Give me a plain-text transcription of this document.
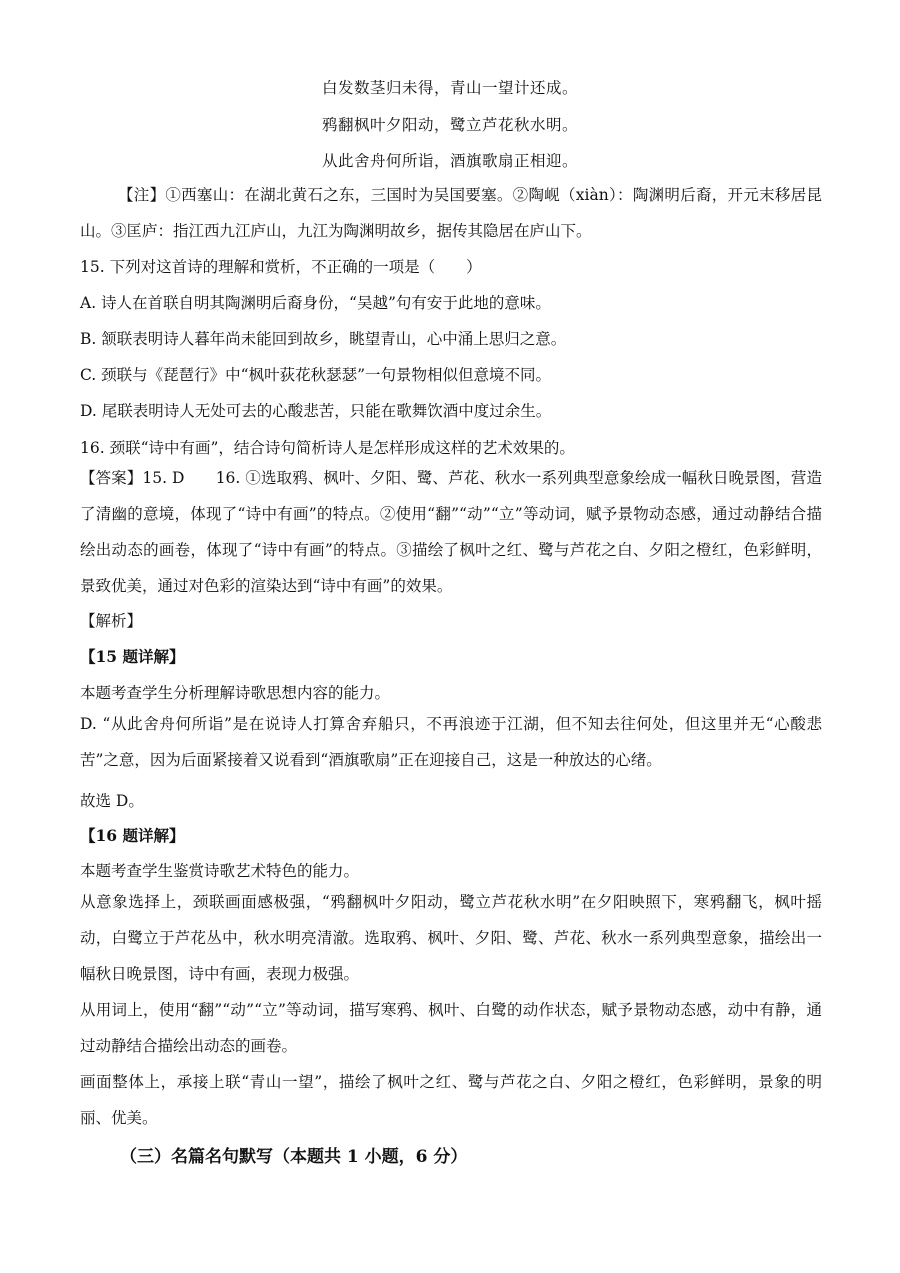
白发数茎归未得，青山一望计还成。
鸦翻枫叶夕阳动，鹭立芦花秋水明。
从此舍舟何所诣，酒旗歌扇正相迎。
【注】①西塞山：在湖北黄石之东，三国时为吴国要塞。②陶岘（xiàn）：陶渊明后裔，开元末移居昆山。③匡庐：指江西九江庐山，九江为陶渊明故乡，据传其隐居在庐山下。
15. 下列对这首诗的理解和赏析，不正确的一项是（　　）
A. 诗人在首联自明其陶渊明后裔身份，“吴越”句有安于此地的意味。
B. 颔联表明诗人暮年尚未能回到故乡，眺望青山，心中涌上思归之意。
C. 颈联与《琵琶行》中“枫叶荻花秋瑟瑟”一句景物相似但意境不同。
D. 尾联表明诗人无处可去的心酸悲苦，只能在歌舞饮酒中度过余生。
16. 颈联“诗中有画”，结合诗句简析诗人是怎样形成这样的艺术效果的。
【答案】15. D　　16. ①选取鸦、枫叶、夕阳、鹭、芦花、秋水一系列典型意象绘成一幅秋日晚景图，营造了清幽的意境，体现了“诗中有画”的特点。②使用“翻”“动”“立”等动词，赋予景物动态感，通过动静结合描绘出动态的画卷，体现了“诗中有画”的特点。③描绘了枫叶之红、鹭与芦花之白、夕阳之橙红，色彩鲜明，景致优美，通过对色彩的渲染达到“诗中有画”的效果。
【解析】
【15 题详解】
本题考查学生分析理解诗歌思想内容的能力。
D. “从此舍舟何所诣”是在说诗人打算舍弃船只，不再浪迹于江湖，但不知去往何处，但这里并无“心酸悲苦”之意，因为后面紧接着又说看到“酒旗歌扇”正在迎接自己，这是一种放达的心绪。
故选 D。
【16 题详解】
本题考查学生鉴赏诗歌艺术特色的能力。
从意象选择上，颈联画面感极强，“鸦翻枫叶夕阳动，鹭立芦花秋水明”在夕阳映照下，寒鸦翻飞，枫叶摇动，白鹭立于芦花丛中，秋水明亮清澈。选取鸦、枫叶、夕阳、鹭、芦花、秋水一系列典型意象，描绘出一幅秋日晚景图，诗中有画，表现力极强。
从用词上，使用“翻”“动”“立”等动词，描写寒鸦、枫叶、白鹭的动作状态，赋予景物动态感，动中有静，通过动静结合描绘出动态的画卷。
画面整体上，承接上联“青山一望”，描绘了枫叶之红、鹭与芦花之白、夕阳之橙红，色彩鲜明，景象的明丽、优美。
（三）名篇名句默写（本题共 1 小题，6 分）
